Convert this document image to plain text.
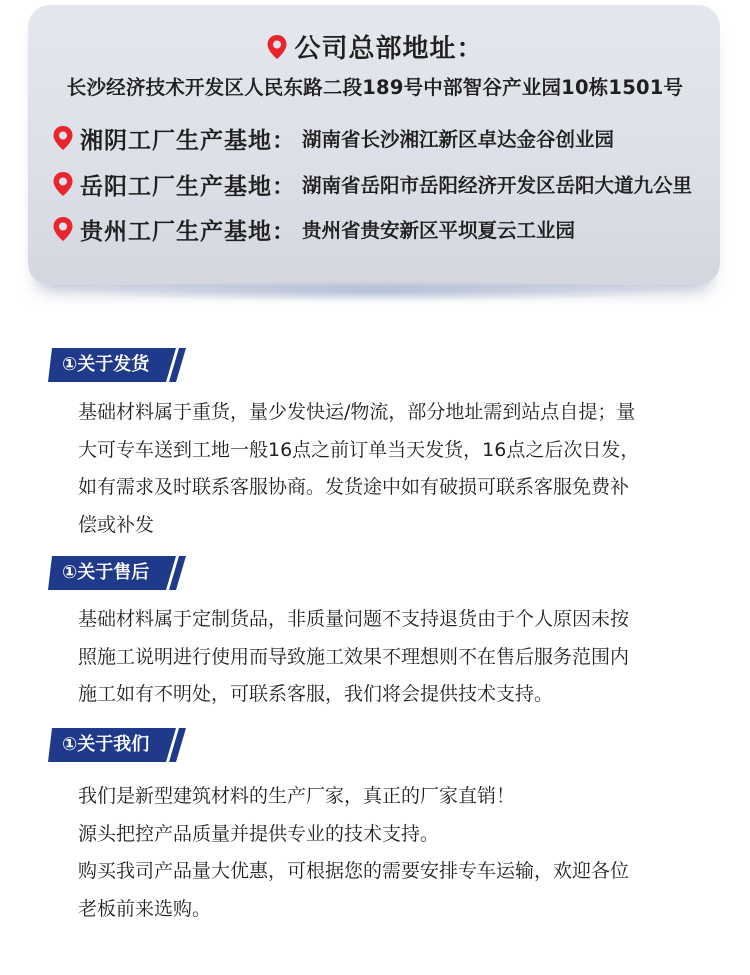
公司总部地址：
长沙经济技术开发区人民东路二段189号中部智谷产业园10栋1501号
湘阴工厂生产基地： 湖南省长沙湘江新区卓达金谷创业园
岳阳工厂生产基地： 湖南省岳阳市岳阳经济开发区岳阳大道九公里
贵州工厂生产基地： 贵州省贵安新区平坝夏云工业园
①关于发货

基础材料属于重货，量少发快运/物流，部分地址需到站点自提；量

大可专车送到工地一般16点之前订单当天发货，16点之后次日发，

如有需求及时联系客服协商。发货途中如有破损可联系客服免费补

偿或补发

①关于售后

基础材料属于定制货品，非质量问题不支持退货由于个人原因未按

照施工说明进行使用而导致施工效果不理想则不在售后服务范围内

施工如有不明处，可联系客服，我们将会提供技术支持。

①关于我们

我们是新型建筑材料的生产厂家，真正的厂家直销！

源头把控产品质量并提供专业的技术支持。

购买我司产品量大优惠，可根据您的需要安排专车运输，欢迎各位

老板前来选购。
